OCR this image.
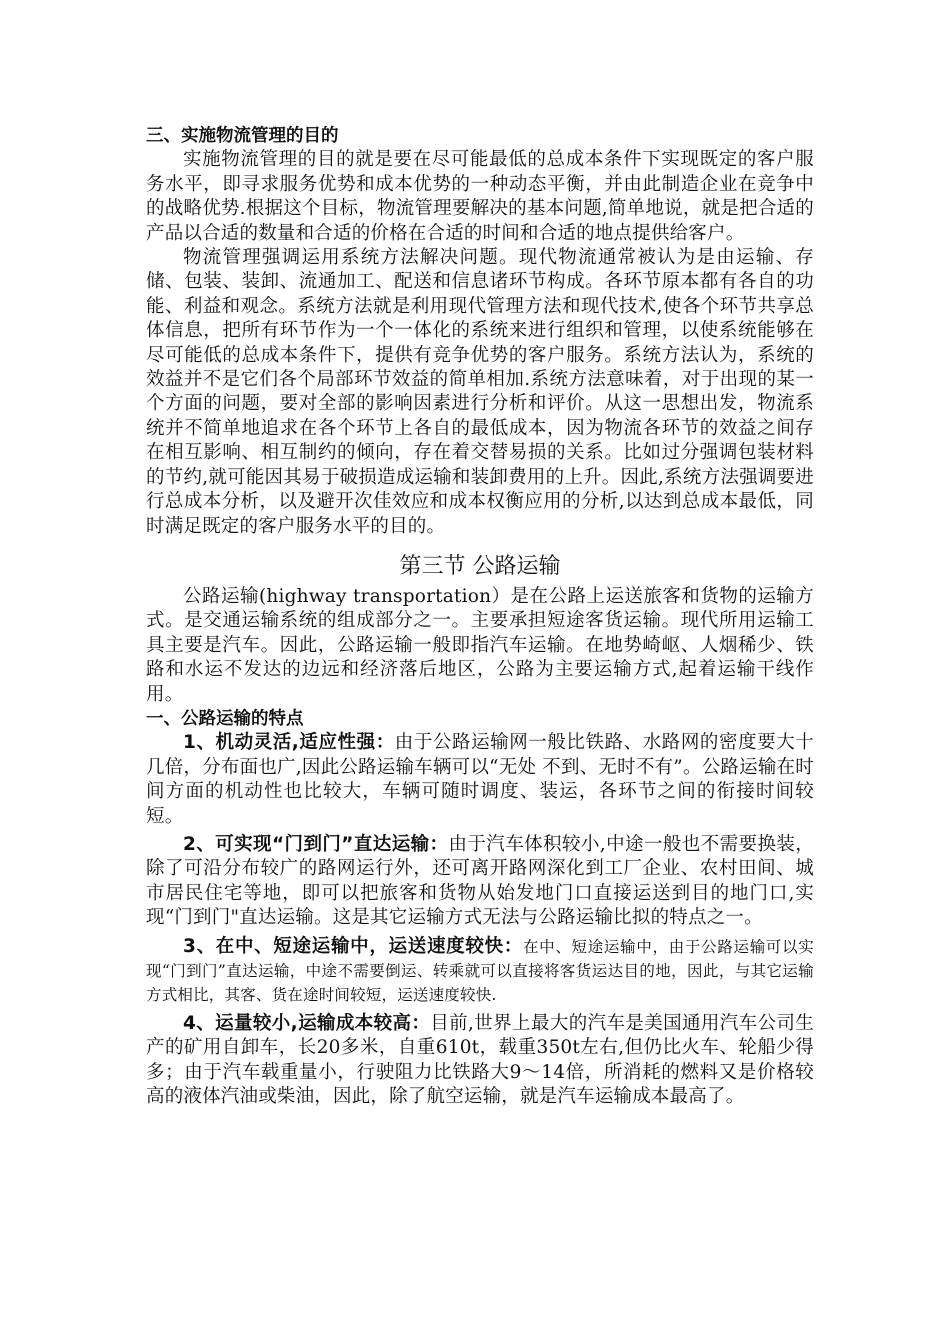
三、实施物流管理的目的

实施物流管理的目的就是要在尽可能最低的总成本条件下实现既定的客户服务水平，即寻求服务优势和成本优势的一种动态平衡，并由此制造企业在竞争中的战略优势.根据这个目标，物流管理要解决的基本问题,简单地说，就是把合适的产品以合适的数量和合适的价格在合适的时间和合适的地点提供给客户。

物流管理强调运用系统方法解决问题。现代物流通常被认为是由运输、存储、包装、装卸、流通加工、配送和信息诸环节构成。各环节原本都有各自的功能、利益和观念。系统方法就是利用现代管理方法和现代技术,使各个环节共享总体信息，把所有环节作为一个一体化的系统来进行组织和管理，以使系统能够在尽可能低的总成本条件下，提供有竞争优势的客户服务。系统方法认为，系统的效益并不是它们各个局部环节效益的简单相加.系统方法意味着，对于出现的某一个方面的问题，要对全部的影响因素进行分析和评价。从这一思想出发，物流系统并不简单地追求在各个环节上各自的最低成本，因为物流各环节的效益之间存在相互影响、相互制约的倾向，存在着交替易损的关系。比如过分强调包装材料的节约,就可能因其易于破损造成运输和装卸费用的上升。因此,系统方法强调要进行总成本分析，以及避开次佳效应和成本权衡应用的分析,以达到总成本最低，同时满足既定的客户服务水平的目的。

第三节 公路运输

公路运输(highway transportation）是在公路上运送旅客和货物的运输方式。是交通运输系统的组成部分之一。主要承担短途客货运输。现代所用运输工具主要是汽车。因此，公路运输一般即指汽车运输。在地势崎岖、人烟稀少、铁路和水运不发达的边远和经济落后地区，公路为主要运输方式,起着运输干线作用。

一、公路运输的特点

1、机动灵活,适应性强：由于公路运输网一般比铁路、水路网的密度要大十几倍，分布面也广,因此公路运输车辆可以“无处 不到、无时不有”。公路运输在时间方面的机动性也比较大，车辆可随时调度、装运，各环节之间的衔接时间较短。

2、可实现“门到门”直达运输：由于汽车体积较小,中途一般也不需要换装，除了可沿分布较广的路网运行外，还可离开路网深化到工厂企业、农村田间、城市居民住宅等地，即可以把旅客和货物从始发地门口直接运送到目的地门口,实现“门到门"直达运输。这是其它运输方式无法与公路运输比拟的特点之一。

3、在中、短途运输中，运送速度较快：在中、短途运输中，由于公路运输可以实现“门到门”直达运输，中途不需要倒运、转乘就可以直接将客货运达目的地，因此，与其它运输方式相比，其客、货在途时间较短，运送速度较快.

4、运量较小,运输成本较高：目前,世界上最大的汽车是美国通用汽车公司生产的矿用自卸车，长20多米，自重610t，载重350t左右,但仍比火车、轮船少得多；由于汽车载重量小，行驶阻力比铁路大9～14倍，所消耗的燃料又是价格较高的液体汽油或柴油，因此，除了航空运输，就是汽车运输成本最高了。
